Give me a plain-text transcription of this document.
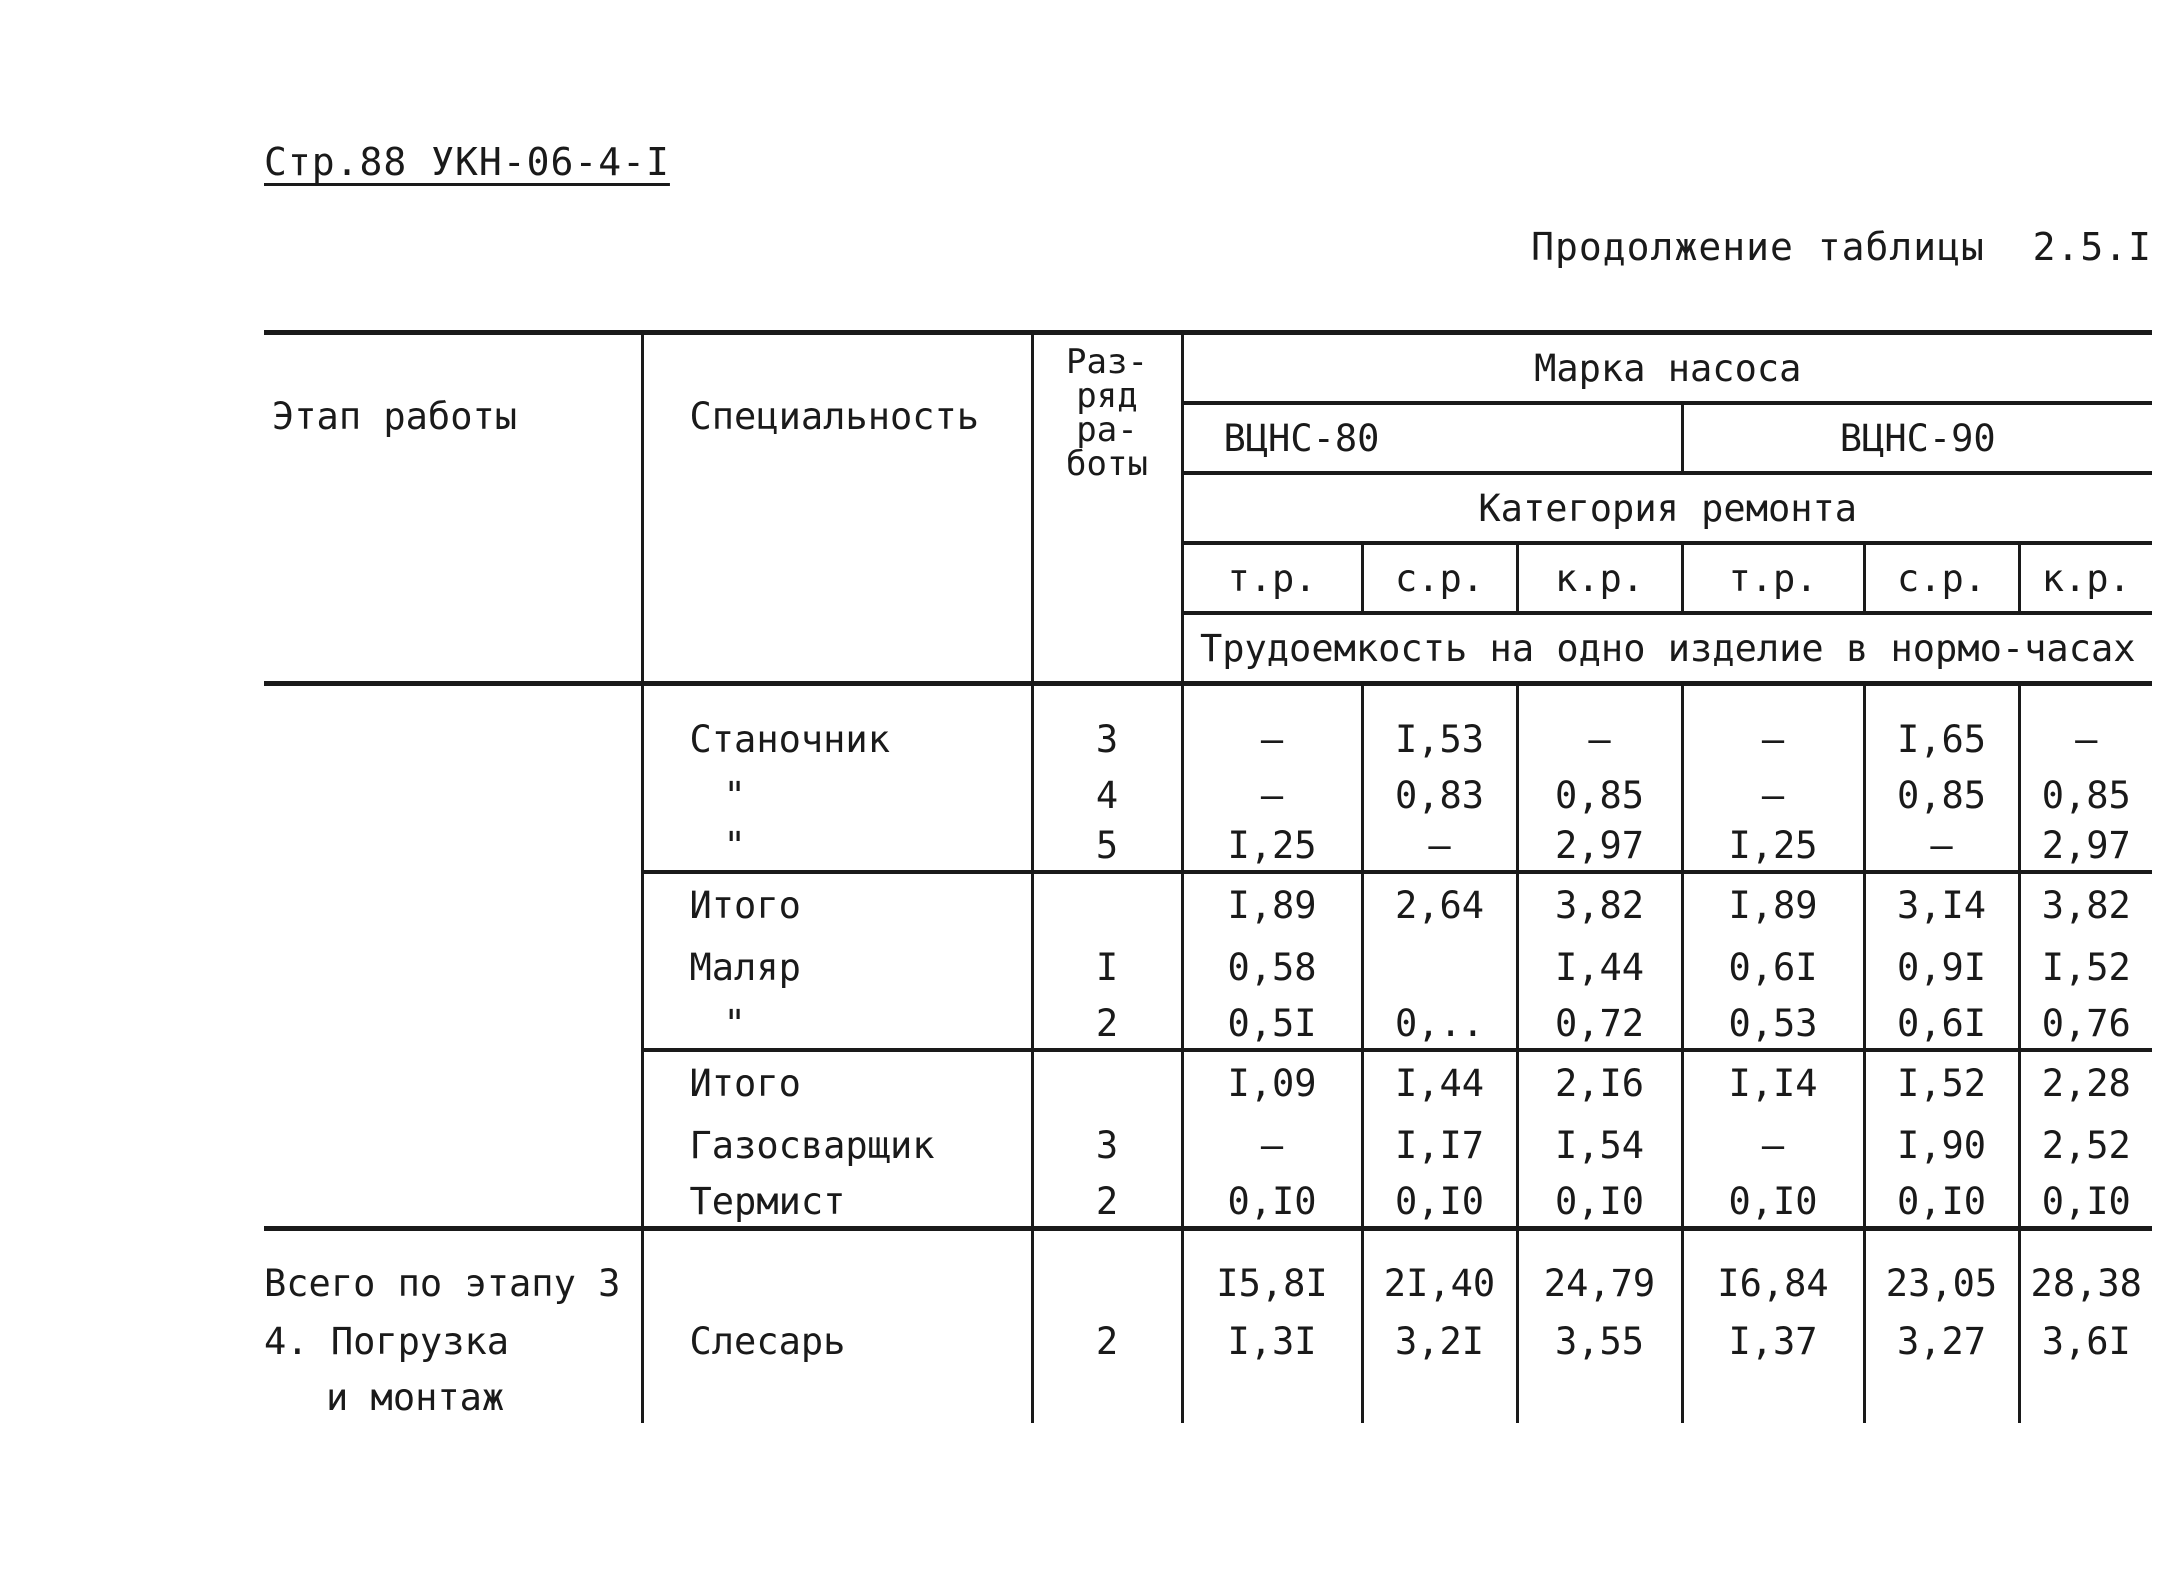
Стр.88 УКН-06-4-I
Продолжение таблицы  2.5.I
Этап работы	Специальность	Раз-
ряд
ра-
боты	Марка насоса					
			ВЦНС-80			ВЦНС-90		
			Категория ремонта					
			т.р.	с.р.	к.р.	т.р.	с.р.	к.р.
			Трудоемкость на одно изделие в нормо-часах					

	Станочник	3	–	I,53	–	–	I,65	–
	"	4	–	0,83	0,85	–	0,85	0,85
	"	5	I,25	–	2,97	I,25	–	2,97
	Итого		I,89	2,64	3,82	I,89	3,I4	3,82
	Маляр	I	0,58		I,44	0,6I	0,9I	I,52
	"	2	0,5I	0,..	0,72	0,53	0,6I	0,76
	Итого		I,09	I,44	2,I6	I,I4	I,52	2,28
	Газосварщик	3	–	I,I7	I,54	–	I,90	2,52
	Термист	2	0,I0	0,I0	0,I0	0,I0	0,I0	0,I0
Всего по этапу 3			I5,8I	2I,40	24,79	I6,84	23,05	28,38
4. Погрузка	Слесарь	2	I,3I	3,2I	3,55	I,37	3,27	3,6I
и монтаж								
